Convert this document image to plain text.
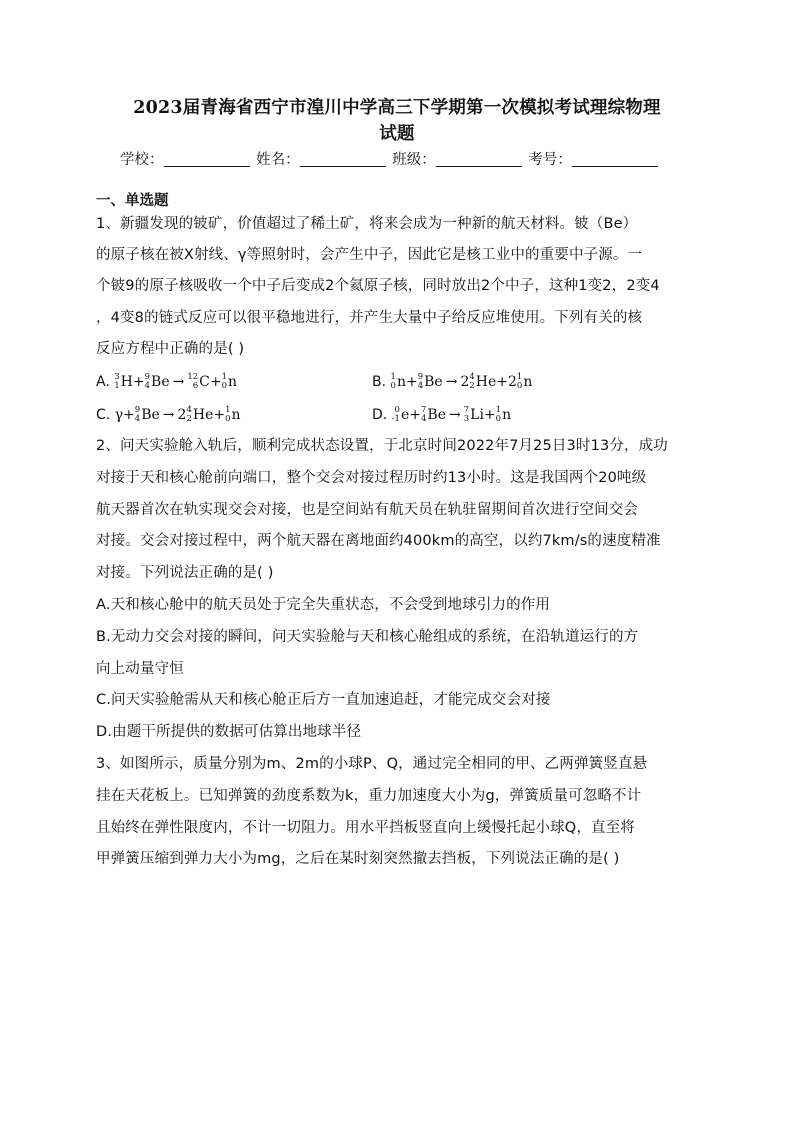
2023届青海省西宁市湟川中学高三下学期第一次模拟考试理综物理
试题
学校：	姓名：	班级：	考号：
一、单选题
1、新疆发现的铍矿，价值超过了稀土矿，将来会成为一种新的航天材料。铍（Be）
的原子核在被X射线、γ等照射时，会产生中子，因此它是核工业中的重要中子源。一
个铍9的原子核吸收一个中子后变成2个氦原子核，同时放出2个中子，这种1变2，2变4
，4变8的链式反应可以很平稳地进行，并产生大量中子给反应堆使用。下列有关的核
反应方程中正确的是( )
A. 3
1 H+ 9
4 Be → 12
6 C+ 1
0 n	B. 1
0 n+ 9
4 Be → 2 4
2 He+2 1
0 n
C. γ+ 9
4 Be → 2 4
2 He+ 1
0 n	D. 0
-1 e+ 7
4 Be → 7
3 Li+ 1
0 n
2、问天实验舱入轨后，顺利完成状态设置，于北京时间2022年7月25日3时13分，成功
对接于天和核心舱前向端口，整个交会对接过程历时约13小时。这是我国两个20吨级
航天器首次在轨实现交会对接，也是空间站有航天员在轨驻留期间首次进行空间交会
对接。交会对接过程中，两个航天器在离地面约400km的高空，以约7km/s的速度精准
对接。下列说法正确的是( )
A.天和核心舱中的航天员处于完全失重状态，不会受到地球引力的作用
B.无动力交会对接的瞬间，问天实验舱与天和核心舱组成的系统，在沿轨道运行的方
向上动量守恒
C.问天实验舱需从天和核心舱正后方一直加速追赶，才能完成交会对接
D.由题干所提供的数据可估算出地球半径
3、如图所示，质量分别为m、2m的小球P、Q，通过完全相同的甲、乙两弹簧竖直悬
挂在天花板上。已知弹簧的劲度系数为k，重力加速度大小为g，弹簧质量可忽略不计
且始终在弹性限度内，不计一切阻力。用水平挡板竖直向上缓慢托起小球Q，直至将
甲弹簧压缩到弹力大小为mg，之后在某时刻突然撤去挡板，下列说法正确的是( )
